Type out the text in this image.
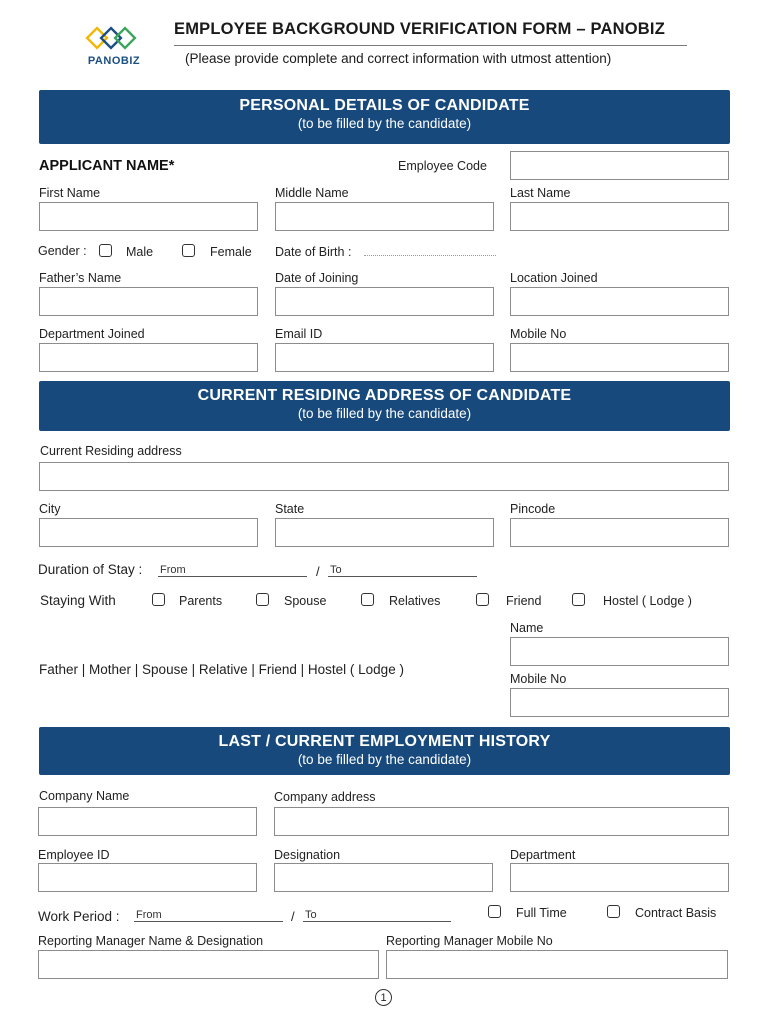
PANOBIZ
EMPLOYEE BACKGROUND VERIFICATION FORM – PANOBIZ
(Please provide complete and correct information with utmost attention)
PERSONAL DETAILS OF CANDIDATE
(to be filled by the candidate)
APPLICANT NAME*	Employee Code
First Name	Middle Name	Last Name
Gender :	Male	Female Date of Birth :
Father’s Name	Date of Joining	Location Joined
Department Joined	Email ID	Mobile No
CURRENT RESIDING ADDRESS OF CANDIDATE
(to be filled by the candidate)
Current Residing address
City	State	Pincode
Duration of Stay : From	/ To
Staying With	Parents	Spouse	Relatives	Friend	Hostel ( Lodge )
Name
Father | Mother | Spouse | Relative | Friend | Hostel ( Lodge )
Mobile No
LAST / CURRENT EMPLOYMENT HISTORY
(to be filled by the candidate)
Company Name	Company address
Employee ID	Designation	Department
Work Period : From	/ To	Full Time	Contract Basis
Reporting Manager Name & Designation	Reporting Manager Mobile No
1
